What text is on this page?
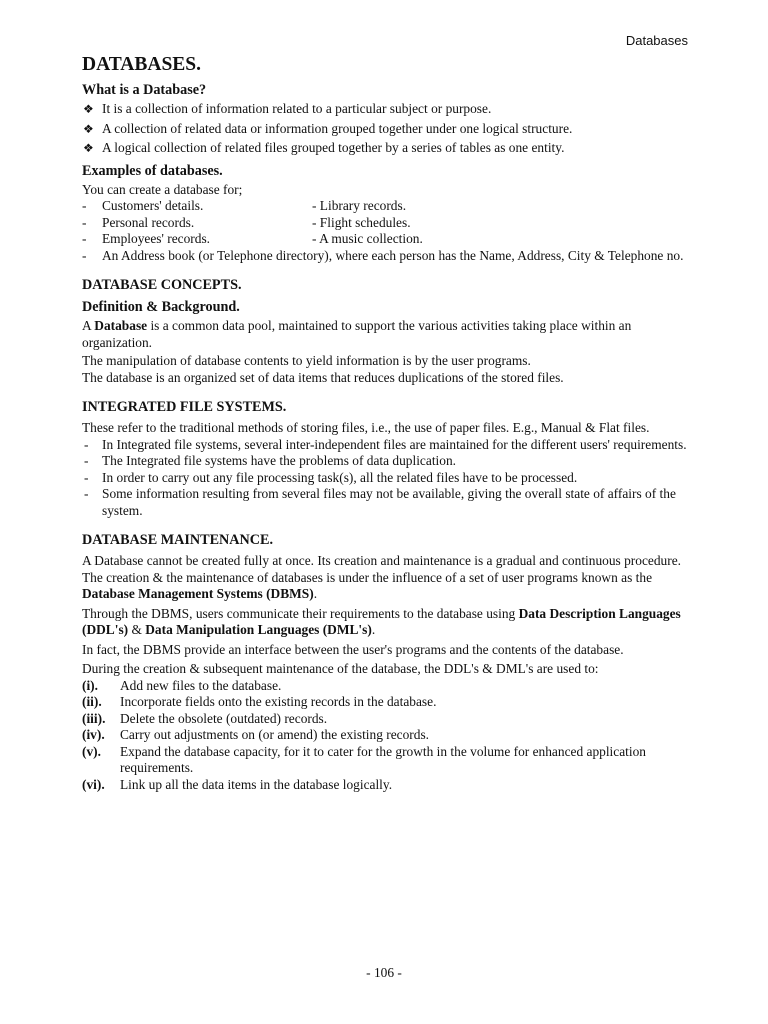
Databases
DATABASES.
What is a Database?
❖ It is a collection of information related to a particular subject or purpose.
❖ A collection of related data or information grouped together under one logical structure.
❖ A logical collection of related files grouped together by a series of tables as one entity.
Examples of databases.

You can create a database for;

- Customers' details.	- Library records.
- Personal records.	- Flight schedules.
- Employees' records.	- A music collection.
- An Address book (or Telephone directory), where each person has the Name, Address, City & Telephone no.
DATABASE CONCEPTS.
Definition & Background.

A Database is a common data pool, maintained to support the various activities taking place within an organization.

The manipulation of database contents to yield information is by the user programs.

The database is an organized set of data items that reduces duplications of the stored files.

INTEGRATED FILE SYSTEMS.

These refer to the traditional methods of storing files, i.e., the use of paper files. E.g., Manual & Flat files.

- In Integrated file systems, several inter-independent files are maintained for the different users' requirements.
- The Integrated file systems have the problems of data duplication.
- In order to carry out any file processing task(s), all the related files have to be processed.
- Some information resulting from several files may not be available, giving the overall state of affairs of the system.
DATABASE MAINTENANCE.

A Database cannot be created fully at once. Its creation and maintenance is a gradual and continuous procedure. The creation & the maintenance of databases is under the influence of a set of user programs known as the Database Management Systems (DBMS).

Through the DBMS, users communicate their requirements to the database using Data Description Languages (DDL's) & Data Manipulation Languages (DML's).

In fact, the DBMS provide an interface between the user's programs and the contents of the database.

During the creation & subsequent maintenance of the database, the DDL's & DML's are used to:

(i). Add new files to the database.
(ii). Incorporate fields onto the existing records in the database.
(iii). Delete the obsolete (outdated) records.
(iv). Carry out adjustments on (or amend) the existing records.
(v). Expand the database capacity, for it to cater for the growth in the volume for enhanced application requirements.
(vi). Link up all the data items in the database logically.
- 106 -
